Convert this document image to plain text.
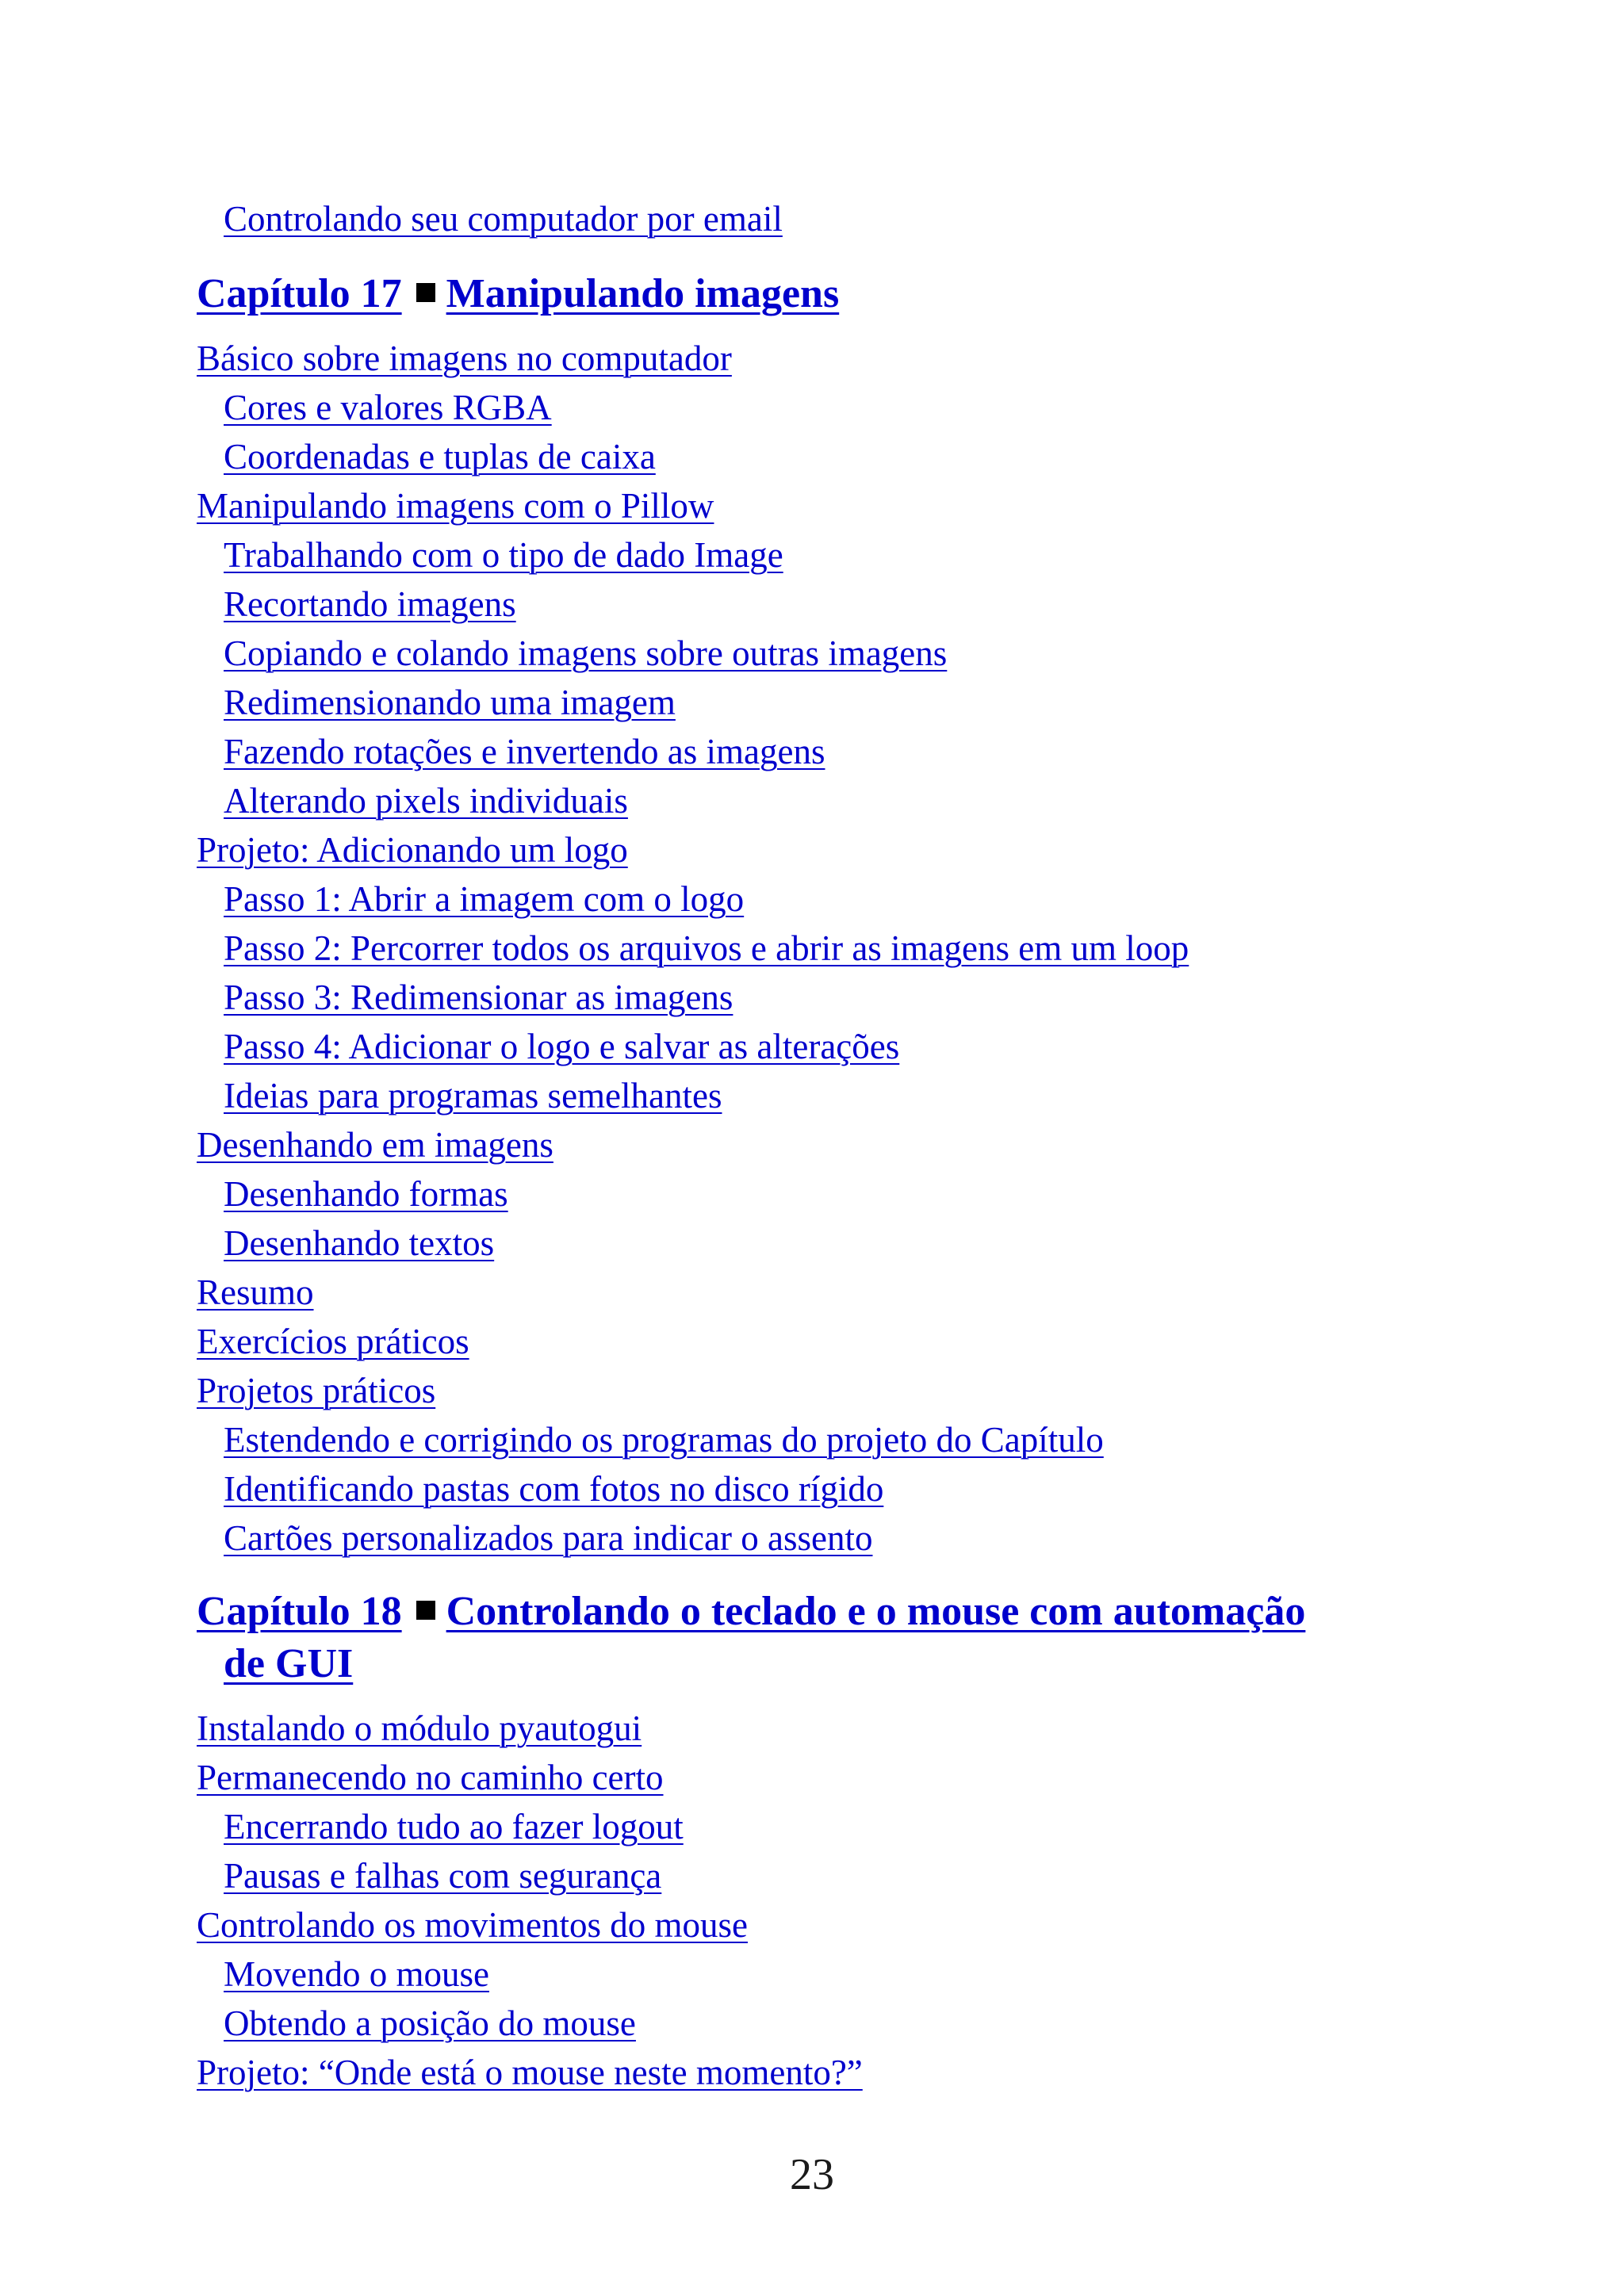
Controlando seu computador por email

Capítulo 17 Manipulando imagens

Básico sobre imagens no computador

Cores e valores RGBA

Coordenadas e tuplas de caixa

Manipulando imagens com o Pillow

Trabalhando com o tipo de dado Image

Recortando imagens

Copiando e colando imagens sobre outras imagens

Redimensionando uma imagem

Fazendo rotações e invertendo as imagens

Alterando pixels individuais

Projeto: Adicionando um logo

Passo 1: Abrir a imagem com o logo

Passo 2: Percorrer todos os arquivos e abrir as imagens em um loop

Passo 3: Redimensionar as imagens

Passo 4: Adicionar o logo e salvar as alterações

Ideias para programas semelhantes

Desenhando em imagens

Desenhando formas

Desenhando textos

Resumo

Exercícios práticos

Projetos práticos

Estendendo e corrigindo os programas do projeto do Capítulo

Identificando pastas com fotos no disco rígido

Cartões personalizados para indicar o assento

Capítulo 18 Controlando o teclado e o mouse com automação
de GUI

Instalando o módulo pyautogui

Permanecendo no caminho certo

Encerrando tudo ao fazer logout

Pausas e falhas com segurança

Controlando os movimentos do mouse

Movendo o mouse

Obtendo a posição do mouse

Projeto: “Onde está o mouse neste momento?”

23
